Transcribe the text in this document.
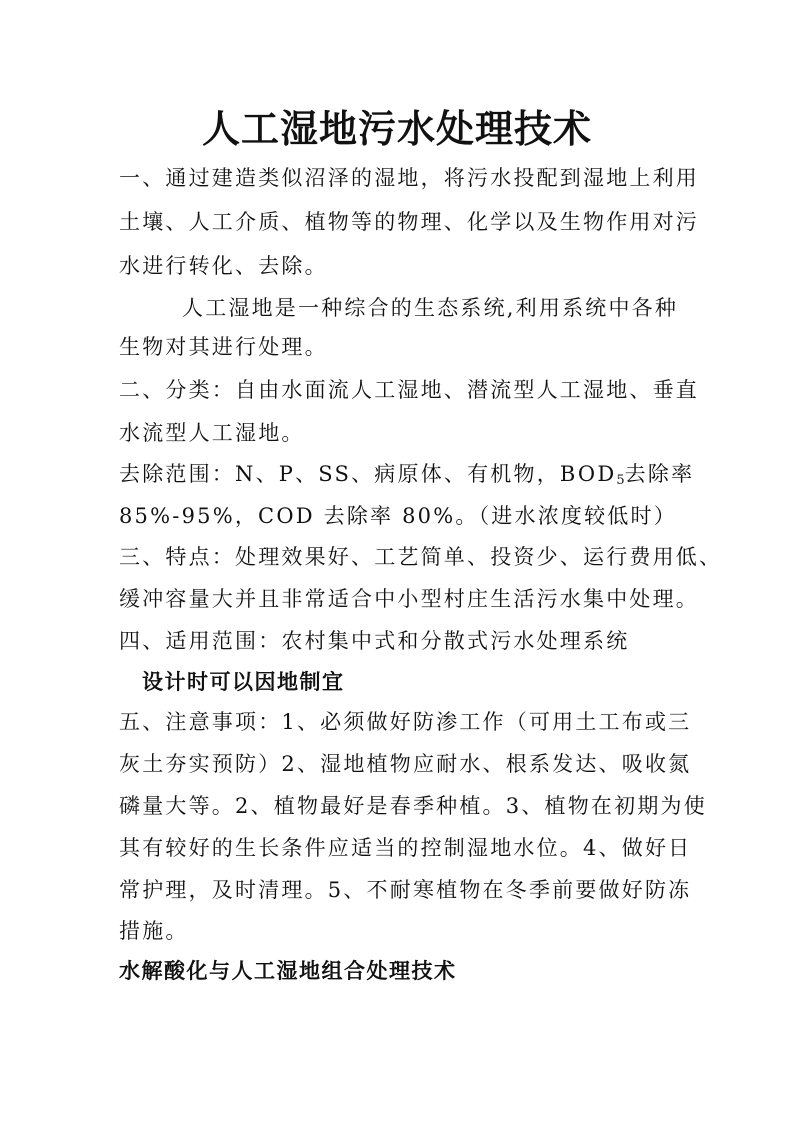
人工湿地污水处理技术
一、通过建造类似沼泽的湿地，将污水投配到湿地上利用
土壤、人工介质、植物等的物理、化学以及生物作用对污
水进行转化、去除。
人工湿地是一种综合的生态系统,利用系统中各种
生物对其进行处理。
二、分类：自由水面流人工湿地、潜流型人工湿地、垂直
水流型人工湿地。
去除范围：N、P、SS、病原体、有机物，$BOD_5$去除率
85%-95%，COD 去除率 80%。（进水浓度较低时）
三、特点：处理效果好、工艺简单、投资少、运行费用低、
缓冲容量大并且非常适合中小型村庄生活污水集中处理。
四、适用范围：农村集中式和分散式污水处理系统
设计时可以因地制宜
五、注意事项：1、必须做好防渗工作（可用土工布或三
灰土夯实预防）2、湿地植物应耐水、根系发达、吸收氮
磷量大等。2、植物最好是春季种植。3、植物在初期为使
其有较好的生长条件应适当的控制湿地水位。4、做好日
常护理，及时清理。5、不耐寒植物在冬季前要做好防冻
措施。
水解酸化与人工湿地组合处理技术
